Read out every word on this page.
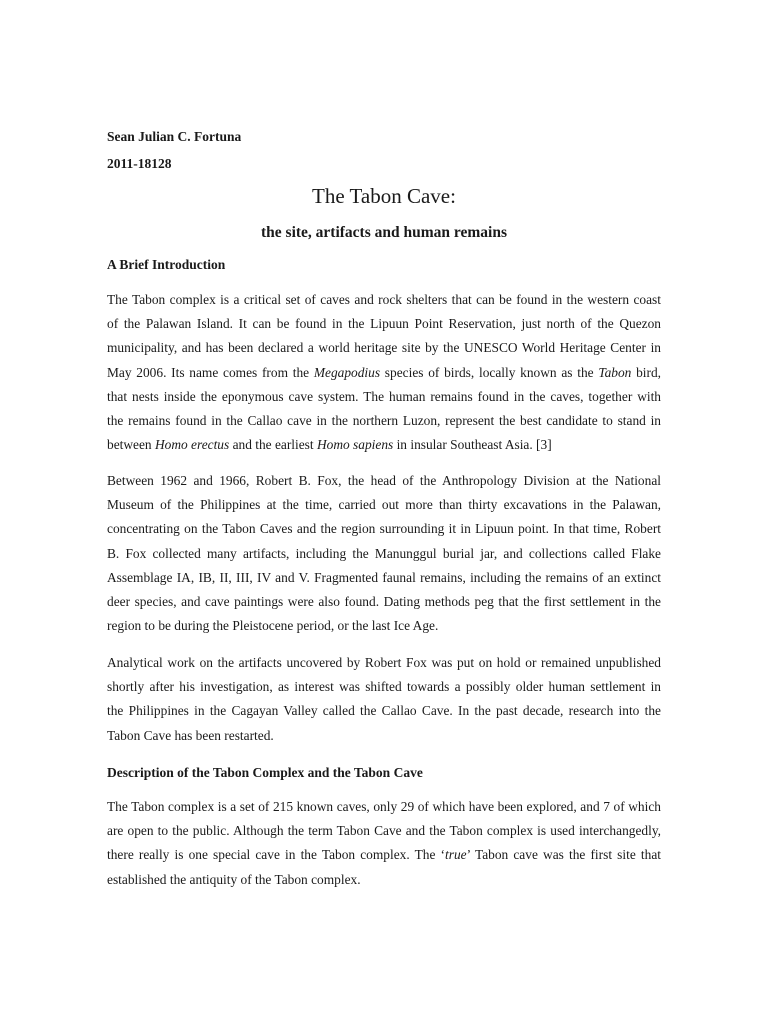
Sean Julian C. Fortuna

2011-18128

The Tabon Cave:
the site, artifacts and human remains
A Brief Introduction
The Tabon complex is a critical set of caves and rock shelters that can be found in the western coast
of the Palawan Island. It can be found in the Lipuun Point Reservation, just north of the Quezon
municipality, and has been declared a world heritage site by the UNESCO World Heritage Center in
May 2006. Its name comes from the Megapodius species of birds, locally known as the Tabon bird,
that nests inside the eponymous cave system. The human remains found in the caves, together with
the remains found in the Callao cave in the northern Luzon, represent the best candidate to stand in
between Homo erectus and the earliest Homo sapiens in insular Southeast Asia. [3]
Between 1962 and 1966, Robert B. Fox, the head of the Anthropology Division at the National
Museum of the Philippines at the time, carried out more than thirty excavations in the Palawan,
concentrating on the Tabon Caves and the region surrounding it in Lipuun point. In that time, Robert
B. Fox collected many artifacts, including the Manunggul burial jar, and collections called Flake
Assemblage IA, IB, II, III, IV and V. Fragmented faunal remains, including the remains of an extinct
deer species, and cave paintings were also found. Dating methods peg that the first settlement in the
region to be during the Pleistocene period, or the last Ice Age.
Analytical work on the artifacts uncovered by Robert Fox was put on hold or remained unpublished
shortly after his investigation, as interest was shifted towards a possibly older human settlement in
the Philippines in the Cagayan Valley called the Callao Cave. In the past decade, research into the
Tabon Cave has been restarted.
Description of the Tabon Complex and the Tabon Cave
The Tabon complex is a set of 215 known caves, only 29 of which have been explored, and 7 of which
are open to the public. Although the term Tabon Cave and the Tabon complex is used interchangedly,
there really is one special cave in the Tabon complex. The ‘true’ Tabon cave was the first site that
established the antiquity of the Tabon complex.
